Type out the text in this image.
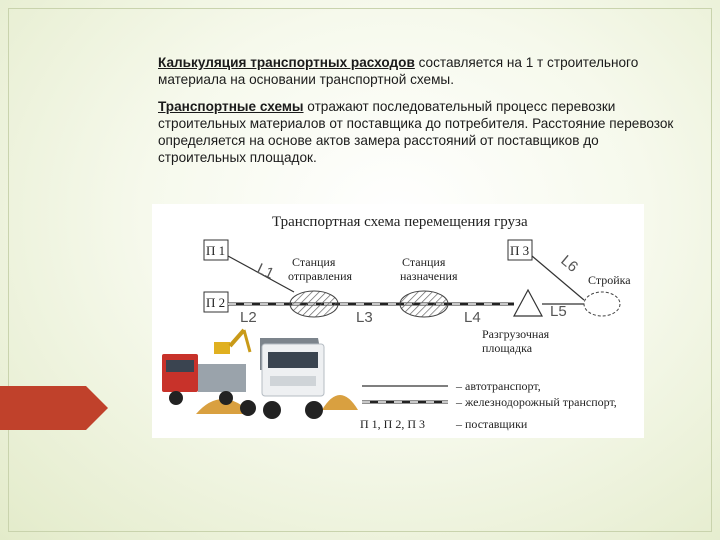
Калькуляция транспортных расходов составляется на 1 т строительного материала на основании транспортной схемы.

Транспортные схемы отражают последовательный процесс перевозки строительных материалов от поставщика до потребителя. Расстояние перевозок определяется на основе актов замера расстояний от поставщиков до строительных площадок.

Транспортная схема перемещения груза
П 1
П 2
П 3
Станция
отправления
Станция
назначения
Разгрузочная
площадка
Стройка
L1
L2	L3	L4	L5
L6
– автотранспорт,
– железнодорожный транспорт,
П 1, П 2, П 3	– поставщики
